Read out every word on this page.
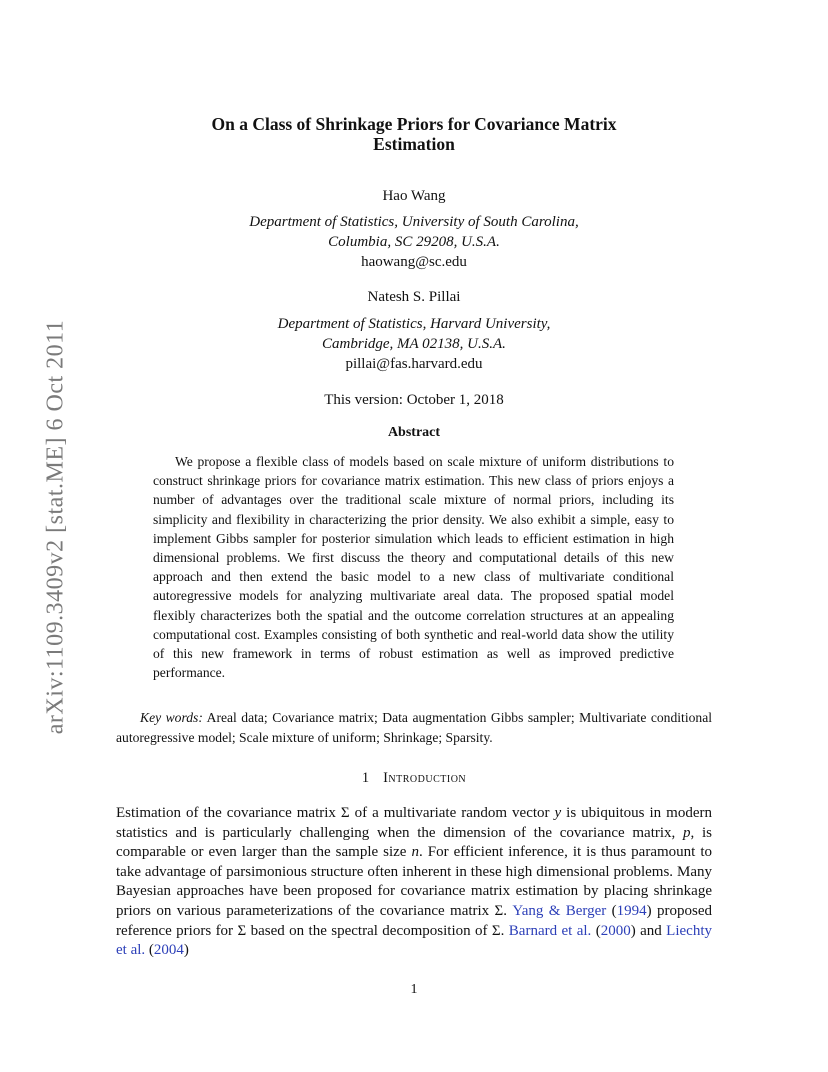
arXiv:1109.3409v2 [stat.ME] 6 Oct 2011
On a Class of Shrinkage Priors for Covariance Matrix
Estimation
Hao Wang
Department of Statistics, University of South Carolina,
Columbia, SC 29208, U.S.A.
haowang@sc.edu
Natesh S. Pillai
Department of Statistics, Harvard University,
Cambridge, MA 02138, U.S.A.
pillai@fas.harvard.edu
This version: October 1, 2018
Abstract
We propose a flexible class of models based on scale mixture of uniform distributions to construct shrinkage priors for covariance matrix estimation. This new class of priors enjoys a number of advantages over the traditional scale mixture of normal priors, including its simplicity and flexibility in characterizing the prior density. We also exhibit a simple, easy to implement Gibbs sampler for posterior simulation which leads to efficient estimation in high dimensional problems. We first discuss the theory and computational details of this new approach and then extend the basic model to a new class of multivariate conditional autoregressive models for analyzing multivariate areal data. The proposed spatial model flexibly characterizes both the spatial and the outcome correlation structures at an appealing computational cost. Examples consisting of both synthetic and real-world data show the utility of this new framework in terms of robust estimation as well as improved predictive performance.
Key words: Areal data; Covariance matrix; Data augmentation Gibbs sampler; Multivariate conditional autoregressive model; Scale mixture of uniform; Shrinkage; Sparsity.
1 Introduction
Estimation of the covariance matrix Σ of a multivariate random vector y is ubiquitous in modern statistics and is particularly challenging when the dimension of the covariance matrix, p, is comparable or even larger than the sample size n. For efficient inference, it is thus paramount to take advantage of parsimonious structure often inherent in these high dimensional problems. Many Bayesian approaches have been proposed for covariance matrix estimation by placing shrinkage priors on various parameterizations of the covariance matrix Σ. Yang & Berger (1994) proposed reference priors for Σ based on the spectral decomposition of Σ. Barnard et al. (2000) and Liechty et al. (2004)
1
